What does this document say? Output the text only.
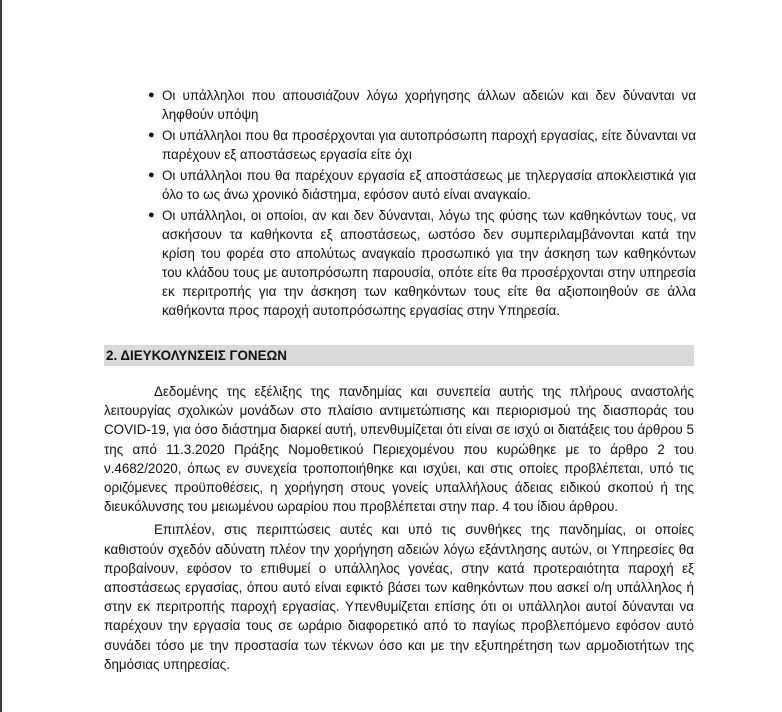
● Οι υπάλληλοι που απουσιάζουν λόγω χορήγησης άλλων αδειών και δεν δύνανται να ληφθούν υπόψη
● Οι υπάλληλοι που θα προσέρχονται για αυτοπρόσωπη παροχή εργασίας, είτε δύνανται να παρέχουν εξ αποστάσεως εργασία είτε όχι
● Οι υπάλληλοι που θα παρέχουν εργασία εξ αποστάσεως με τηλεργασία αποκλειστικά για όλο το ως άνω χρονικό διάστημα, εφόσον αυτό είναι αναγκαίο.
● Οι υπάλληλοι, οι οποίοι, αν και δεν δύνανται, λόγω της φύσης των καθηκόντων τους, να ασκήσουν τα καθήκοντα εξ αποστάσεως, ωστόσο δεν συμπεριλαμβάνονται κατά την κρίση του φορέα στο απολύτως αναγκαίο προσωπικό για την άσκηση των καθηκόντων του κλάδου τους με αυτοπρόσωπη παρουσία, οπότε είτε θα προσέρχονται στην υπηρεσία εκ περιτροπής για την άσκηση των καθηκόντων τους είτε θα αξιοποιηθούν σε άλλα καθήκοντα προς παροχή αυτοπρόσωπης εργασίας στην Υπηρεσία.
2. ΔΙΕΥΚΟΛΥΝΣΕΙΣ ΓΟΝΕΩΝ

Δεδομένης της εξέλιξης της πανδημίας και συνεπεία αυτής της πλήρους αναστολής λειτουργίας σχολικών μονάδων στο πλαίσιο αντιμετώπισης και περιορισμού της διασποράς του COVID-19, για όσο διάστημα διαρκεί αυτή, υπενθυμίζεται ότι είναι σε ισχύ οι διατάξεις του άρθρου 5 της από 11.3.2020 Πράξης Νομοθετικού Περιεχομένου που κυρώθηκε με το άρθρο 2 του ν.4682/2020, όπως εν συνεχεία τροποποιήθηκε και ισχύει, και στις οποίες προβλέπεται, υπό τις οριζόμενες προϋποθέσεις, η χορήγηση στους γονείς υπαλλήλους άδειας ειδικού σκοπού ή της διευκόλυνσης του μειωμένου ωραρίου που προβλέπεται στην παρ. 4 του ίδιου άρθρου.

Επιπλέον, στις περιπτώσεις αυτές και υπό τις συνθήκες της πανδημίας, οι οποίες καθιστούν σχεδόν αδύνατη πλέον την χορήγηση αδειών λόγω εξάντλησης αυτών, οι Υπηρεσίες θα προβαίνουν, εφόσον το επιθυμεί ο υπάλληλος γονέας, στην κατά προτεραιότητα παροχή εξ αποστάσεως εργασίας, όπου αυτό είναι εφικτό βάσει των καθηκόντων που ασκεί ο/η υπάλληλος ή στην εκ περιτροπής παροχή εργασίας. Υπενθυμίζεται επίσης ότι οι υπάλληλοι αυτοί δύνανται να παρέχουν την εργασία τους σε ωράριο διαφορετικό από το παγίως προβλεπόμενο εφόσον αυτό συνάδει τόσο με την προστασία των τέκνων όσο και με την εξυπηρέτηση των αρμοδιοτήτων της δημόσιας υπηρεσίας.
